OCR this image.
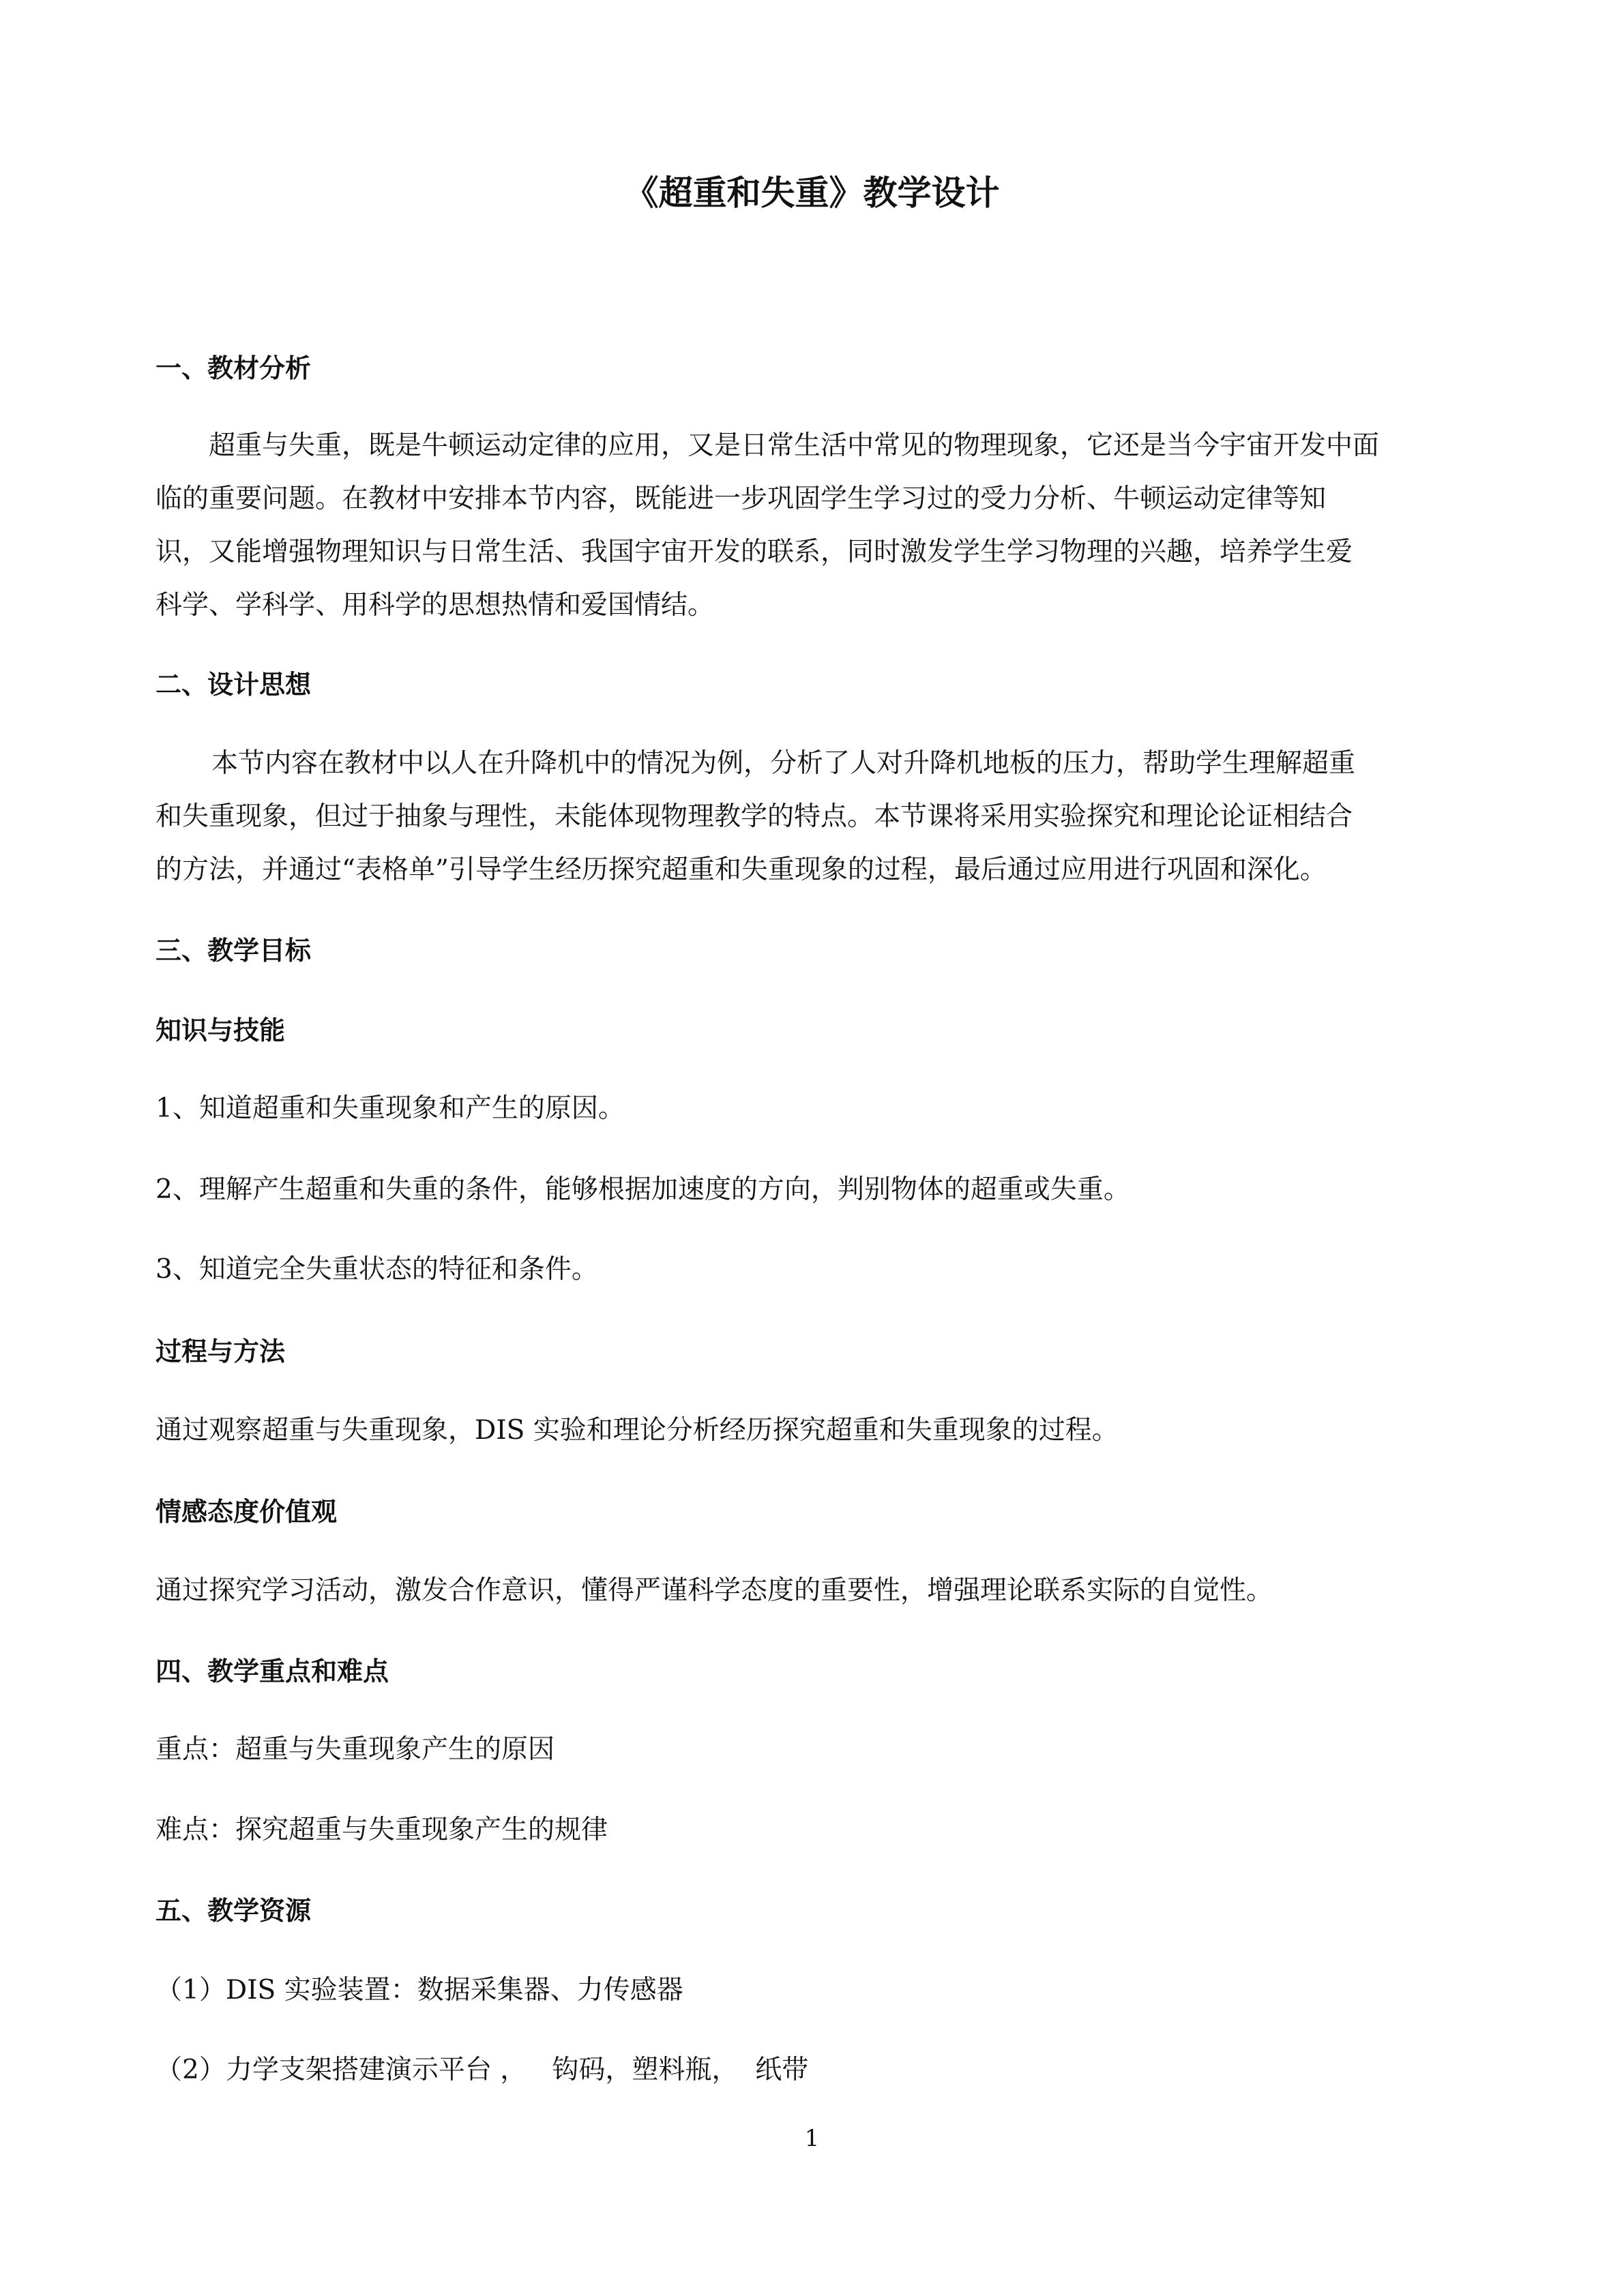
《超重和失重》教学设计
一、教材分析
超重与失重，既是牛顿运动定律的应用，又是日常生活中常见的物理现象，它还是当今宇宙开发中面
临的重要问题。在教材中安排本节内容，既能进一步巩固学生学习过的受力分析、牛顿运动定律等知
识，又能增强物理知识与日常生活、我国宇宙开发的联系，同时激发学生学习物理的兴趣，培养学生爱
科学、学科学、用科学的思想热情和爱国情结。
二、设计思想
本节内容在教材中以人在升降机中的情况为例，分析了人对升降机地板的压力，帮助学生理解超重
和失重现象，但过于抽象与理性，未能体现物理教学的特点。本节课将采用实验探究和理论论证相结合
的方法，并通过“表格单”引导学生经历探究超重和失重现象的过程，最后通过应用进行巩固和深化。
三、教学目标
知识与技能

1、知道超重和失重现象和产生的原因。

2、理解产生超重和失重的条件，能够根据加速度的方向，判别物体的超重或失重。

3、知道完全失重状态的特征和条件。

过程与方法

通过观察超重与失重现象，DIS 实验和理论分析经历探究超重和失重现象的过程。

情感态度价值观

通过探究学习活动，激发合作意识，懂得严谨科学态度的重要性，增强理论联系实际的自觉性。

四、教学重点和难点

重点：超重与失重现象产生的原因

难点：探究超重与失重现象产生的规律

五、教学资源

（1）DIS 实验装置：数据采集器、力传感器

（2）力学支架搭建演示平台 ，   钩码，塑料瓶，  纸带

1
